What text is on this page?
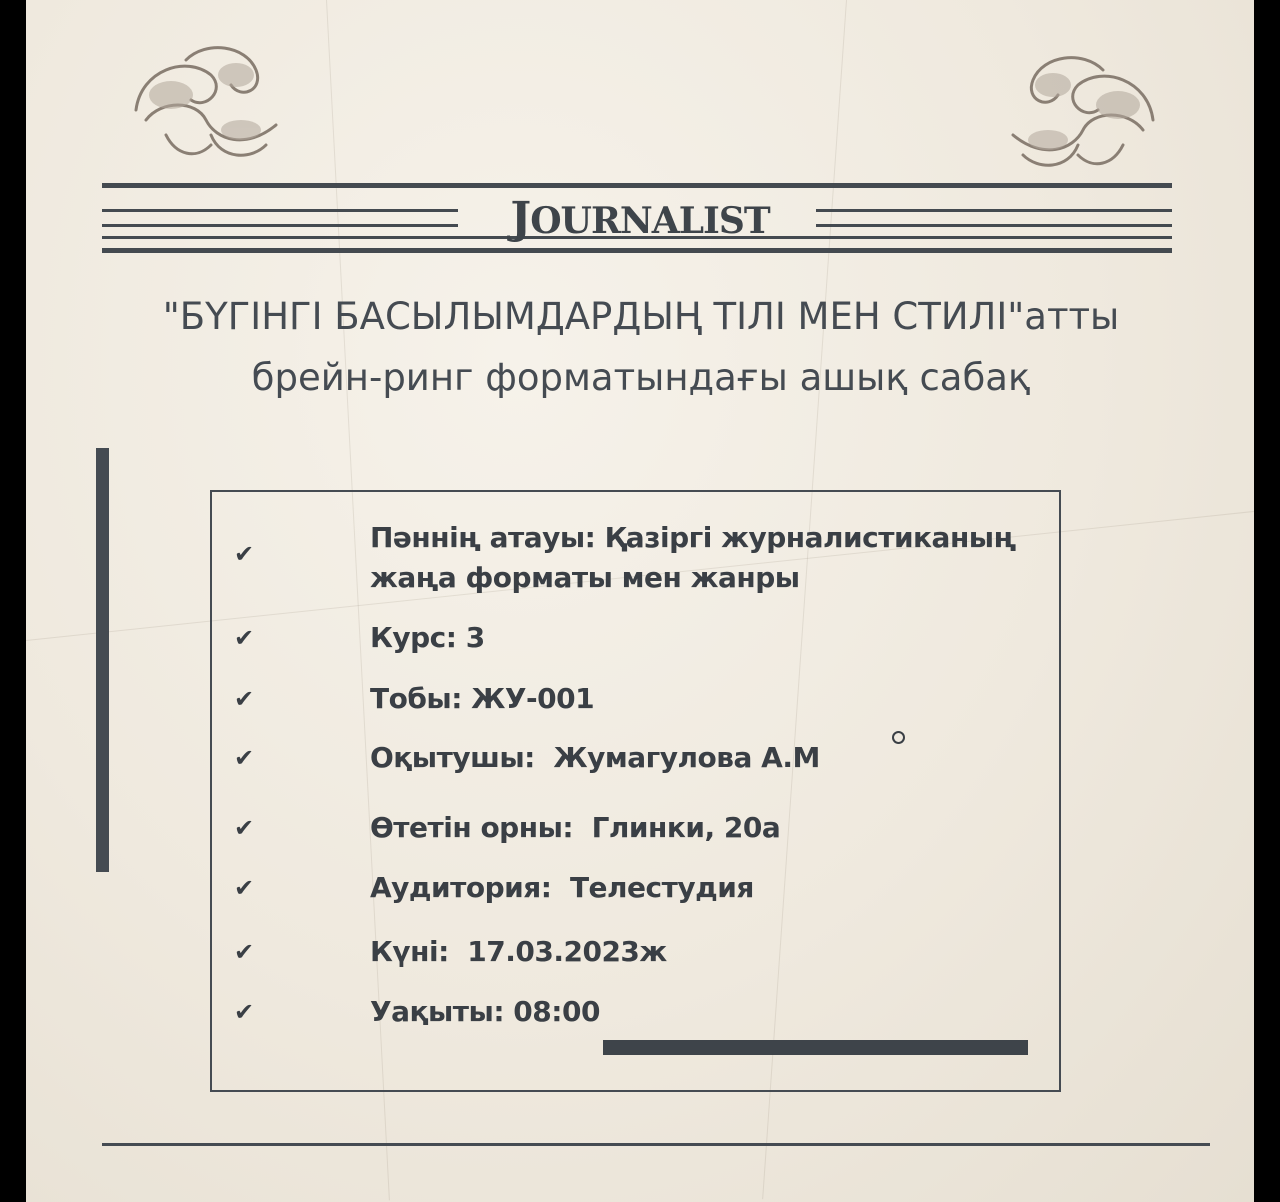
JOURNALIST
"БҮГІНГІ БАСЫЛЫМДАРДЫҢ ТІЛІ МЕН СТИЛІ"атты брейн-ринг форматындағы ашық сабақ
✔	Пәннің атауы: Қазіргі журналистиканың жаңа форматы мен жанры
✔	Курс: 3
✔	Тобы: ЖУ-001
✔	Оқытушы:  Жумагулова А.М
✔	Өтетін орны:  Глинки, 20а
✔	Аудитория:  Телестудия
✔	Күні:  17.03.2023ж
✔	Уақыты: 08:00
